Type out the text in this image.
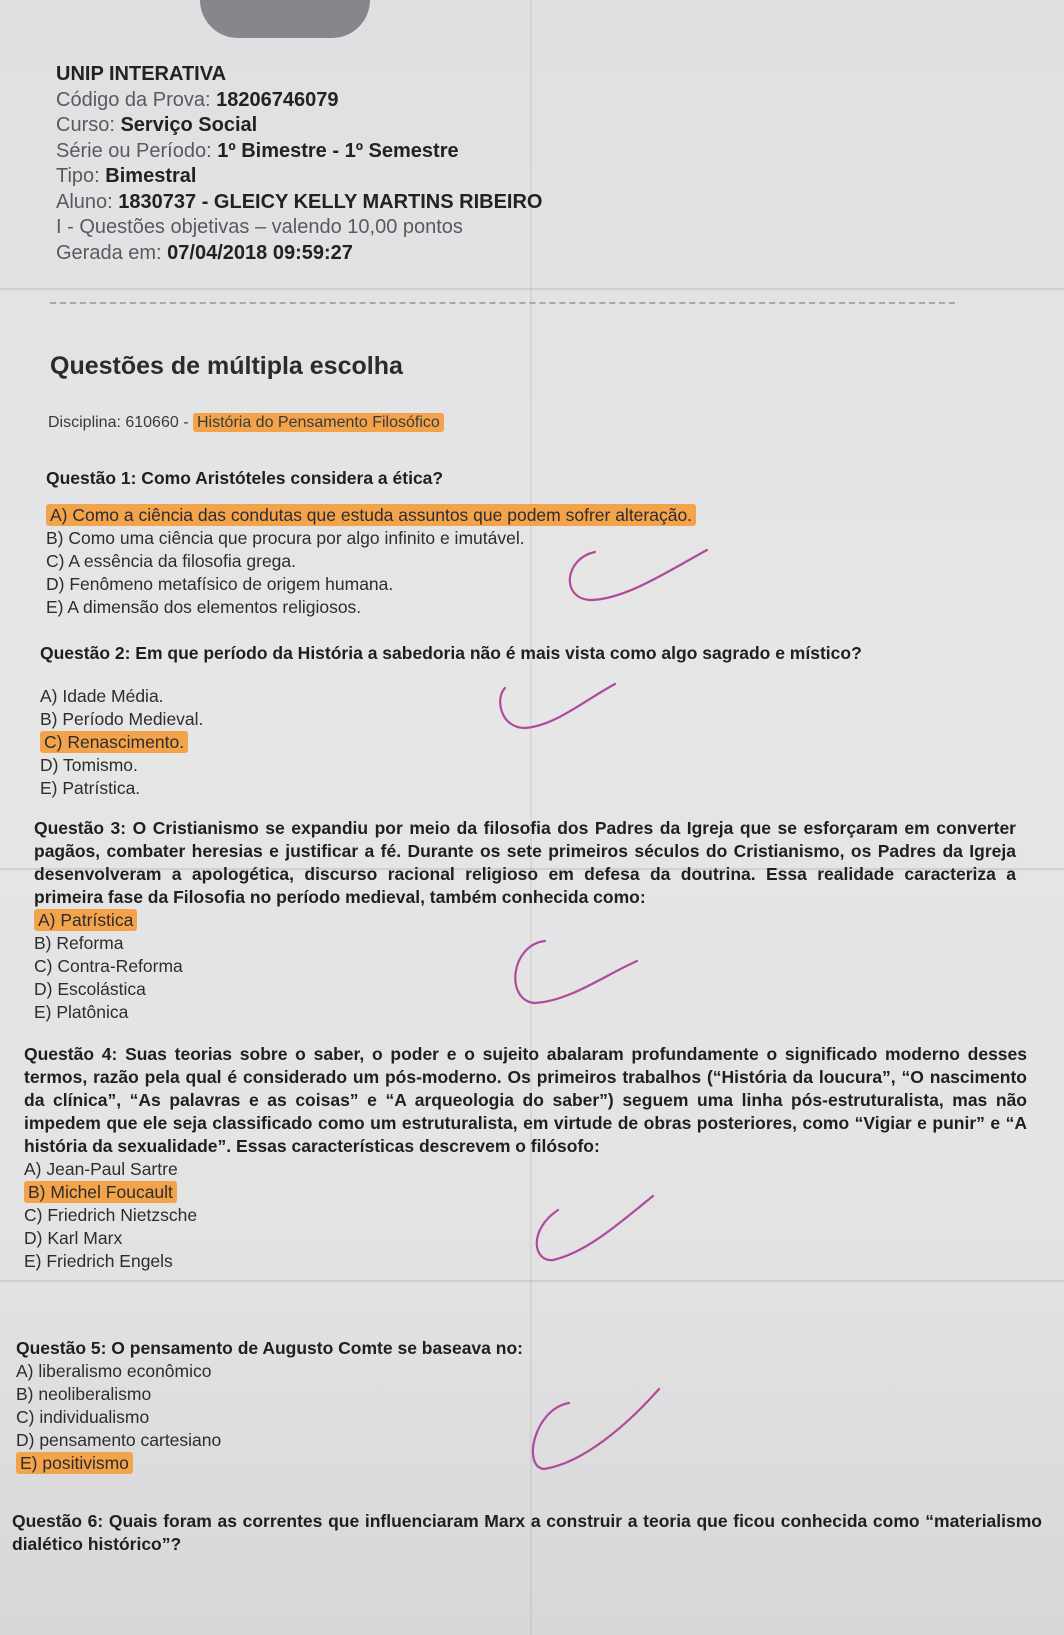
UNIP INTERATIVA
Código da Prova: 18206746079
Curso: Serviço Social
Série ou Período: 1º Bimestre - 1º Semestre
Tipo: Bimestral
Aluno: 1830737 - GLEICY KELLY MARTINS RIBEIRO
I - Questões objetivas – valendo 10,00 pontos
Gerada em: 07/04/2018 09:59:27
Questões de múltipla escolha
Disciplina: 610660 - História do Pensamento Filosófico
Questão 1: Como Aristóteles considera a ética?
A) Como a ciência das condutas que estuda assuntos que podem sofrer alteração.
B) Como uma ciência que procura por algo infinito e imutável.
C) A essência da filosofia grega.
D) Fenômeno metafísico de origem humana.
E) A dimensão dos elementos religiosos.
Questão 2: Em que período da História a sabedoria não é mais vista como algo sagrado e místico?
A) Idade Média.
B) Período Medieval.
C) Renascimento.
D) Tomismo.
E) Patrística.
Questão 3: O Cristianismo se expandiu por meio da filosofia dos Padres da Igreja que se esforçaram em converter pagãos, combater heresias e justificar a fé. Durante os sete primeiros séculos do Cristianismo, os Padres da Igreja desenvolveram a apologética, discurso racional religioso em defesa da doutrina. Essa realidade caracteriza a primeira fase da Filosofia no período medieval, também conhecida como:
A) Patrística
B) Reforma
C) Contra-Reforma
D) Escolástica
E) Platônica
Questão 4: Suas teorias sobre o saber, o poder e o sujeito abalaram profundamente o significado moderno desses termos, razão pela qual é considerado um pós-moderno. Os primeiros trabalhos (“História da loucura”, “O nascimento da clínica”, “As palavras e as coisas” e “A arqueologia do saber”) seguem uma linha pós-estruturalista, mas não impedem que ele seja classificado como um estruturalista, em virtude de obras posteriores, como “Vigiar e punir” e “A história da sexualidade”. Essas características descrevem o filósofo:
A) Jean-Paul Sartre
B) Michel Foucault
C) Friedrich Nietzsche
D) Karl Marx
E) Friedrich Engels
Questão 5: O pensamento de Augusto Comte se baseava no:
A) liberalismo econômico
B) neoliberalismo
C) individualismo
D) pensamento cartesiano
E) positivismo
Questão 6: Quais foram as correntes que influenciaram Marx a construir a teoria que ficou conhecida como “materialismo dialético histórico”?
